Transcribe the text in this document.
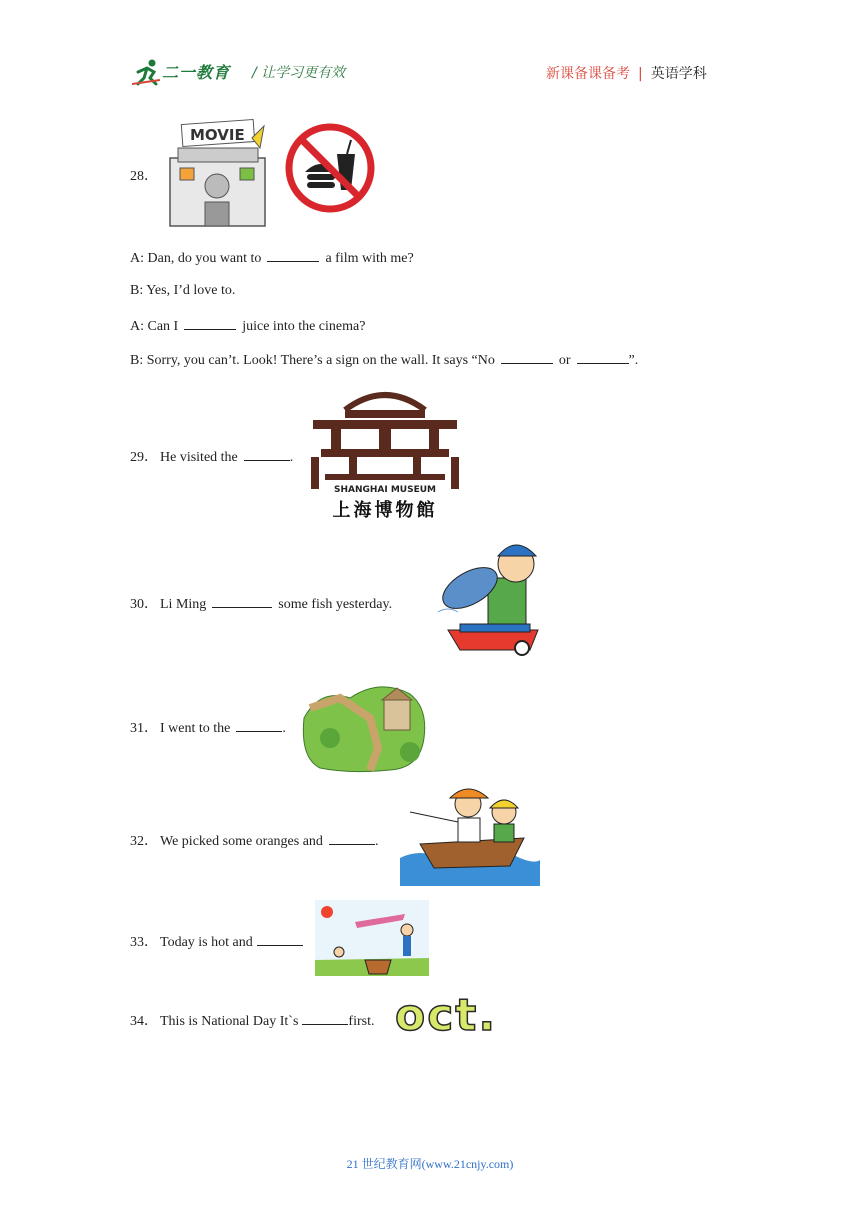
二一教育 / 让学习更有效	新课备课备考 | 英语学科
28．
MOVIE
A: Dan, do you want to	a film with me?
B: Yes, I’d love to.
A: Can I	juice into the cinema?
B: Sorry, you can’t. Look! There’s a sign on the wall. It says “No	or	”.
29． He visited the	.
SHANGHAI MUSEUM
上海博物館
30． Li Ming	some fish yesterday.
31． I went to the	.
32． We picked some oranges and	.
33． Today is hot and
34． This is National Day It`s	first. oct.
21 世纪教育网(www.21cnjy.com)
